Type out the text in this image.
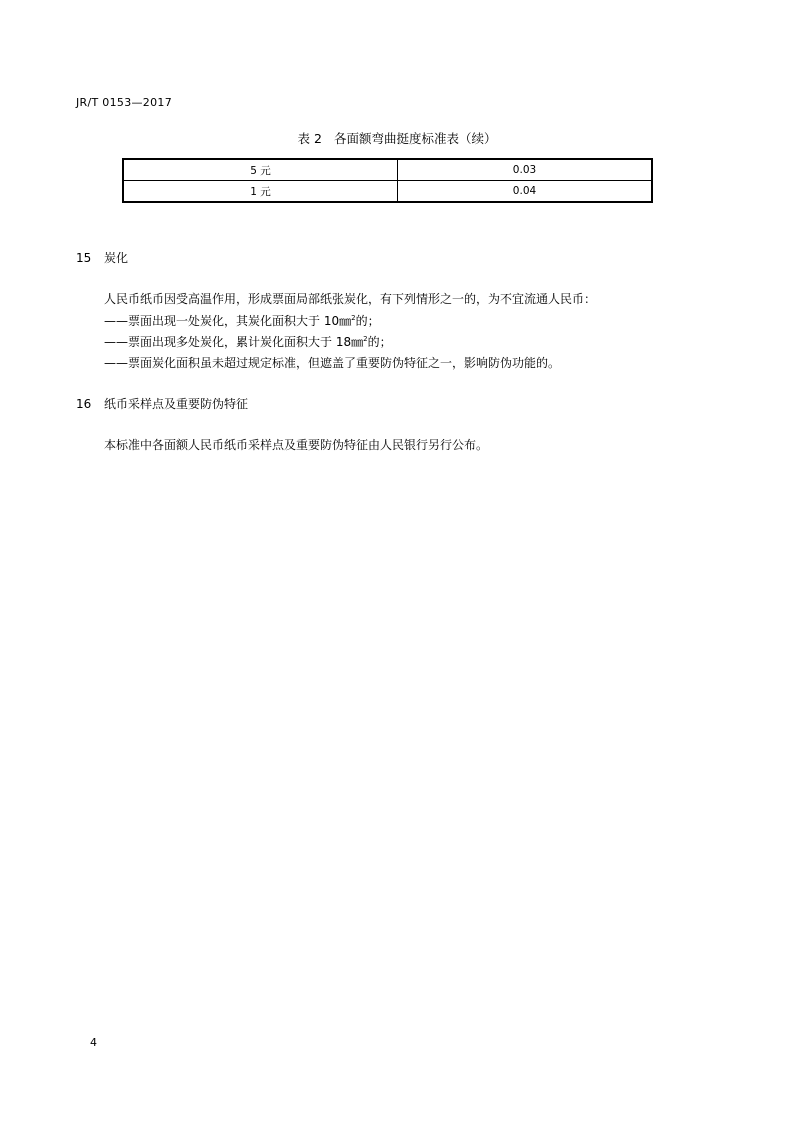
JR/T 0153—2017
表 2 各面额弯曲挺度标准表（续）
5 元	0.03
1 元	0.04
15 炭化
人民币纸币因受高温作用，形成票面局部纸张炭化，有下列情形之一的，为不宜流通人民币：
——票面出现一处炭化，其炭化面积大于 10㎜$^2$的；
——票面出现多处炭化，累计炭化面积大于 18㎜$^2$的；
——票面炭化面积虽未超过规定标准，但遮盖了重要防伪特征之一，影响防伪功能的。
16 纸币采样点及重要防伪特征
本标准中各面额人民币纸币采样点及重要防伪特征由人民银行另行公布。
4
